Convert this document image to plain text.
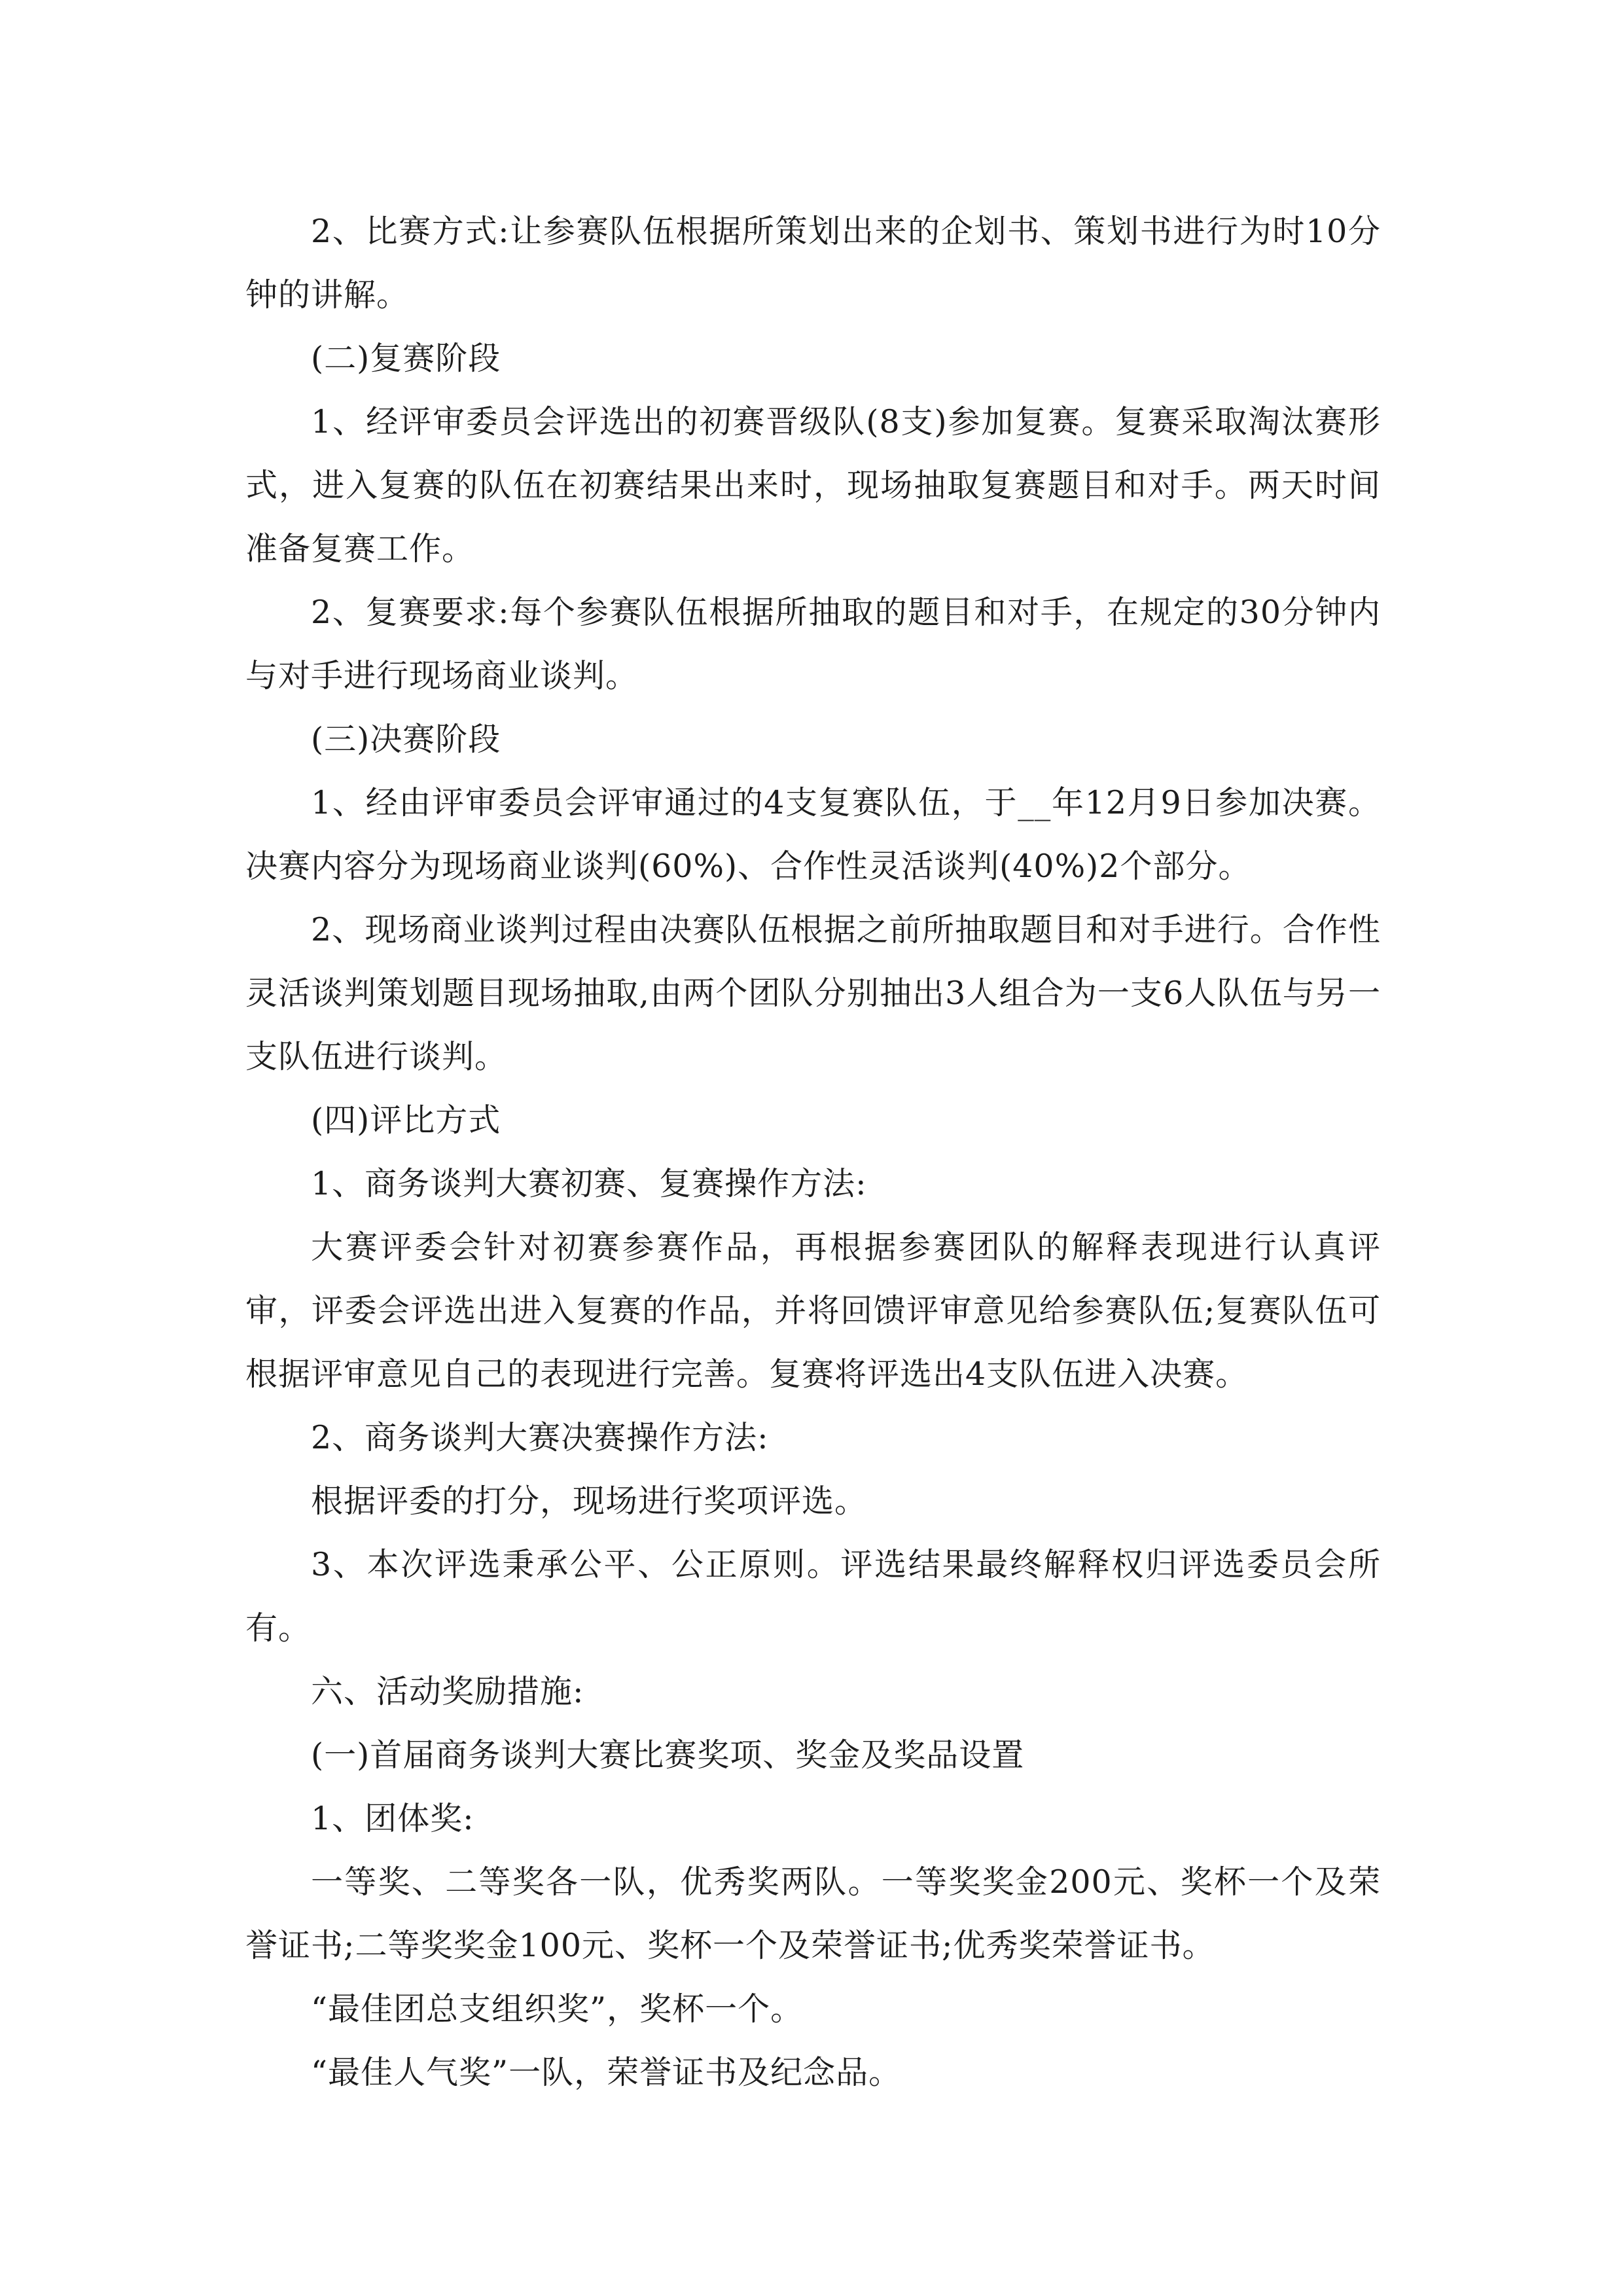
2、比赛方式:让参赛队伍根据所策划出来的企划书、策划书进行为时10分钟的讲解。

(二)复赛阶段

1、经评审委员会评选出的初赛晋级队(8支)参加复赛。复赛采取淘汰赛形式，进入复赛的队伍在初赛结果出来时，现场抽取复赛题目和对手。两天时间准备复赛工作。

2、复赛要求:每个参赛队伍根据所抽取的题目和对手，在规定的30分钟内与对手进行现场商业谈判。

(三)决赛阶段

1、经由评审委员会评审通过的4支复赛队伍，于__年12月9日参加决赛。决赛内容分为现场商业谈判(60%)、合作性灵活谈判(40%)2个部分。

2、现场商业谈判过程由决赛队伍根据之前所抽取题目和对手进行。合作性灵活谈判策划题目现场抽取,由两个团队分别抽出3人组合为一支6人队伍与另一支队伍进行谈判。

(四)评比方式

1、商务谈判大赛初赛、复赛操作方法:

大赛评委会针对初赛参赛作品，再根据参赛团队的解释表现进行认真评审，评委会评选出进入复赛的作品，并将回馈评审意见给参赛队伍;复赛队伍可根据评审意见自己的表现进行完善。复赛将评选出4支队伍进入决赛。

2、商务谈判大赛决赛操作方法:

根据评委的打分，现场进行奖项评选。

3、本次评选秉承公平、公正原则。评选结果最终解释权归评选委员会所有。

六、活动奖励措施:

(一)首届商务谈判大赛比赛奖项、奖金及奖品设置

1、团体奖:

一等奖、二等奖各一队，优秀奖两队。一等奖奖金200元、奖杯一个及荣誉证书;二等奖奖金100元、奖杯一个及荣誉证书;优秀奖荣誉证书。

“最佳团总支组织奖”，奖杯一个。

“最佳人气奖”一队，荣誉证书及纪念品。
